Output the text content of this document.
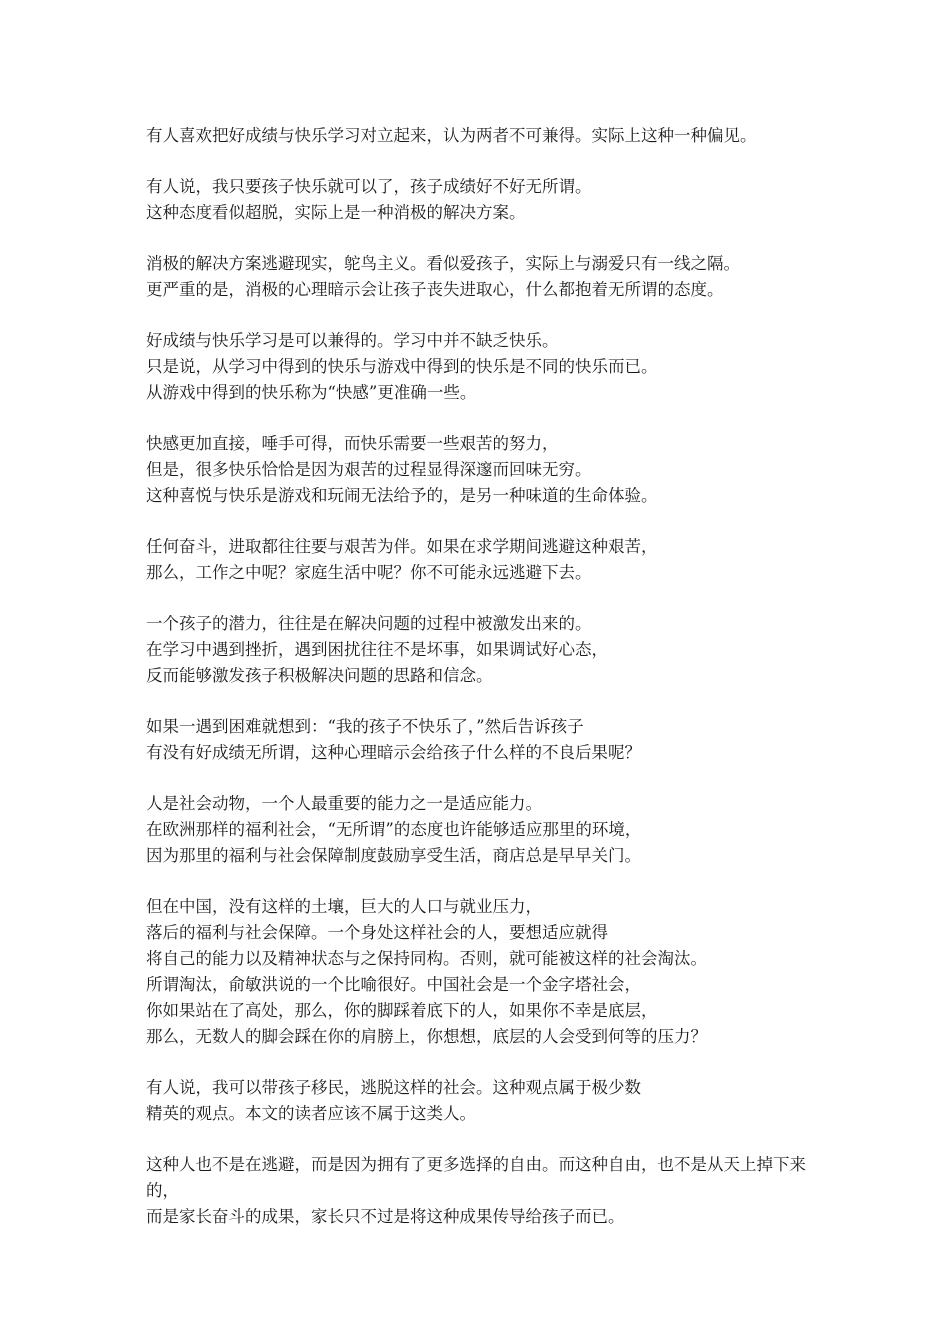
有人喜欢把好成绩与快乐学习对立起来，认为两者不可兼得。实际上这种一种偏见。

有人说，我只要孩子快乐就可以了，孩子成绩好不好无所谓。
这种态度看似超脱，实际上是一种消极的解决方案。

消极的解决方案逃避现实，鸵鸟主义。看似爱孩子，实际上与溺爱只有一线之隔。
更严重的是，消极的心理暗示会让孩子丧失进取心，什么都抱着无所谓的态度。

好成绩与快乐学习是可以兼得的。学习中并不缺乏快乐。
只是说，从学习中得到的快乐与游戏中得到的快乐是不同的快乐而已。
从游戏中得到的快乐称为“快感”更准确一些。

快感更加直接，唾手可得，而快乐需要一些艰苦的努力，
但是，很多快乐恰恰是因为艰苦的过程显得深邃而回味无穷。
这种喜悦与快乐是游戏和玩闹无法给予的，是另一种味道的生命体验。

任何奋斗，进取都往往要与艰苦为伴。如果在求学期间逃避这种艰苦，
那么，工作之中呢？家庭生活中呢？你不可能永远逃避下去。

一个孩子的潜力，往往是在解决问题的过程中被激发出来的。
在学习中遇到挫折，遇到困扰往往不是坏事，如果调试好心态，
反而能够激发孩子积极解决问题的思路和信念。

如果一遇到困难就想到：“我的孩子不快乐了，”然后告诉孩子
有没有好成绩无所谓，这种心理暗示会给孩子什么样的不良后果呢？

人是社会动物，一个人最重要的能力之一是适应能力。
在欧洲那样的福利社会，“无所谓”的态度也许能够适应那里的环境，
因为那里的福利与社会保障制度鼓励享受生活，商店总是早早关门。

但在中国，没有这样的土壤，巨大的人口与就业压力，
落后的福利与社会保障。一个身处这样社会的人，要想适应就得
将自己的能力以及精神状态与之保持同构。否则，就可能被这样的社会淘汰。
所谓淘汰，俞敏洪说的一个比喻很好。中国社会是一个金字塔社会，
你如果站在了高处，那么，你的脚踩着底下的人，如果你不幸是底层，
那么，无数人的脚会踩在你的肩膀上，你想想，底层的人会受到何等的压力？

有人说，我可以带孩子移民，逃脱这样的社会。这种观点属于极少数
精英的观点。本文的读者应该不属于这类人。

这种人也不是在逃避，而是因为拥有了更多选择的自由。而这种自由，也不是从天上掉下来的，
而是家长奋斗的成果，家长只不过是将这种成果传导给孩子而已。
